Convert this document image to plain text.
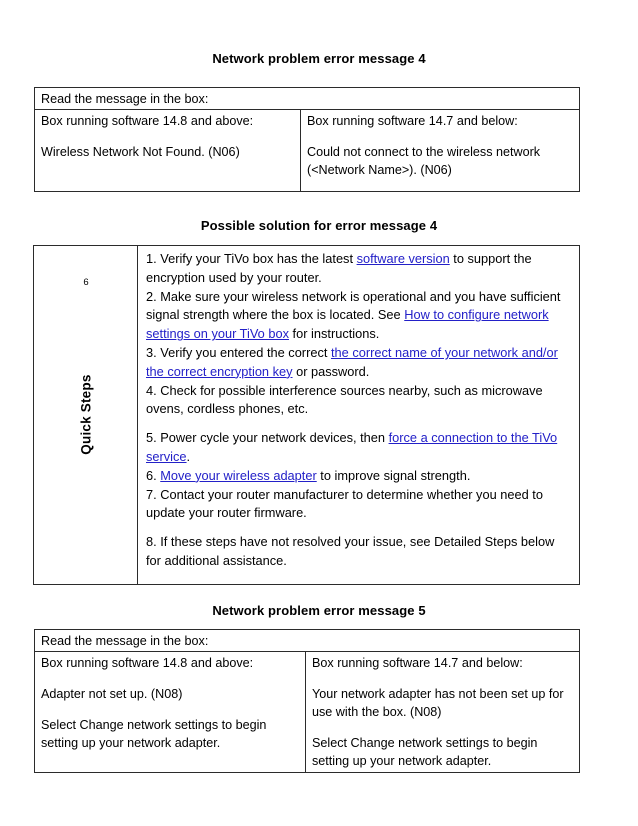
Network problem error message 4
Read the message in the box:
Box running software 14.8 and above:
Wireless Network Not Found. (N06)
Box running software 14.7 and below:
Could not connect to the wireless network (<Network Name>). (N06)
Possible solution for error message 4
6
Quick Steps
1. Verify your TiVo box has the latest software version to support the encryption used by your router.
2. Make sure your wireless network is operational and you have sufficient signal strength where the box is located. See How to configure network settings on your TiVo box for instructions.
3. Verify you entered the correct the correct name of your network and/or the correct encryption key or password.
4. Check for possible interference sources nearby, such as microwave ovens, cordless phones, etc.
5. Power cycle your network devices, then force a connection to the TiVo service.
6. Move your wireless adapter to improve signal strength.
7. Contact your router manufacturer to determine whether you need to update your router firmware.
8. If these steps have not resolved your issue, see Detailed Steps below for additional assistance.
Network problem error message 5
Read the message in the box:
Box running software 14.8 and above:
Adapter not set up. (N08)
Select Change network settings to begin setting up your network adapter.
Box running software 14.7 and below:
Your network adapter has not been set up for use with the box. (N08)
Select Change network settings to begin setting up your network adapter.
